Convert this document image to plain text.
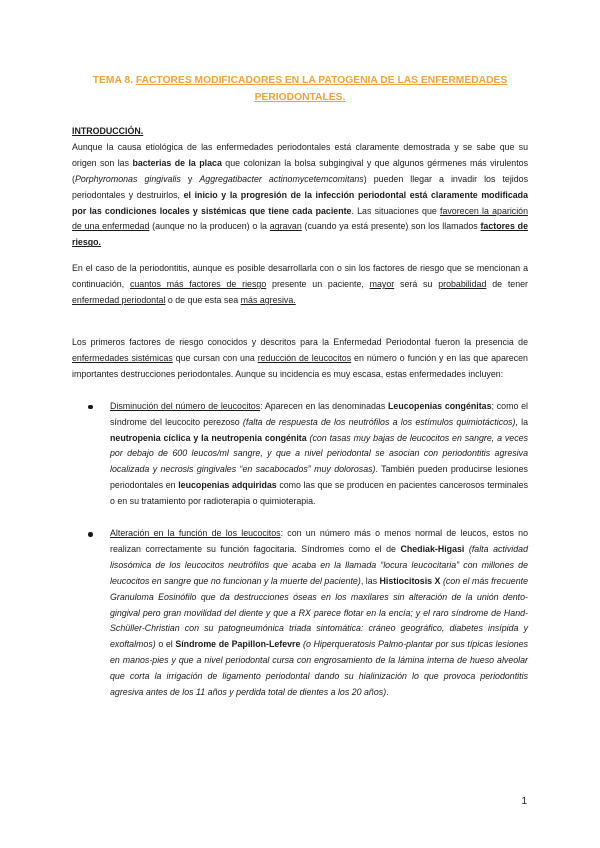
TEMA 8. FACTORES MODIFICADORES EN LA PATOGENIA DE LAS ENFERMEDADES PERIODONTALES.

INTRODUCCIÓN.

Aunque la causa etiológica de las enfermedades periodontales está claramente demostrada y se sabe que su origen son las bacterias de la placa que colonizan la bolsa subgingival y que algunos gérmenes más virulentos (Porphyromonas gingivalis y Aggregatibacter actinomycetemcomitans) pueden llegar a invadir los tejidos periodontales y destruirlos, el inicio y la progresión de la infección periodontal está claramente modificada por las condiciones locales y sistémicas que tiene cada paciente. Las situaciones que favorecen la aparición de una enfermedad (aunque no la producen) o la agravan (cuando ya está presente) son los llamados factores de riesgo.

En el caso de la periodontitis, aunque es posible desarrollarla con o sin los factores de riesgo que se mencionan a continuación, cuantos más factores de riesgo presente un paciente, mayor será su probabilidad de tener enfermedad periodontal o de que esta sea más agresiva.

Los primeros factores de riesgo conocidos y descritos para la Enfermedad Periodontal fueron la presencia de enfermedades sistémicas que cursan con una reducción de leucocitos en número o función y en las que aparecen importantes destrucciones periodontales. Aunque su incidencia es muy escasa, estas enfermedades incluyen:

Disminución del número de leucocitos: Aparecen en las denominadas Leucopenias congénitas; como el síndrome del leucocito perezoso (falta de respuesta de los neutrófilos a los estímulos quimiotácticos), la neutropenia cíclica y la neutropenia congénita (con tasas muy bajas de leucocitos en sangre, a veces por debajo de 600 leucos/ml sangre, y que a nivel periodontal se asocian con periodontitis agresiva localizada y necrosis gingivales “en sacabocados” muy dolorosas). También pueden producirse lesiones periodontales en leucopenias adquiridas como las que se producen en pacientes cancerosos terminales o en su tratamiento por radioterapia o quimioterapia.
Alteración en la función de los leucocitos: con un número más o menos normal de leucos, estos no realizan correctamente su función fagocitaria. Síndromes como el de Chediak-Higasi (falta actividad lisosómica de los leucocitos neutrófilos que acaba en la llamada “locura leucocitaria” con millones de leucocitos en sangre que no funcionan y la muerte del paciente), las Histiocitosis X (con el más frecuente Granuloma Eosinófilo que da destrucciones óseas en los maxilares sin alteración de la unión dento-gingival pero gran movilidad del diente y que a RX parece flotar en la encía; y el raro síndrome de Hand- Schüller-Christian con su patogneumónica triada sintomática: cráneo geográfico, diabetes insípida y exoftalmos) o el Síndrome de Papillon-Lefevre (o Hiperqueratosis Palmo-plantar por sus típicas lesiones en manos-pies y que a nivel periodontal cursa con engrosamiento de la lámina interna de hueso alveolar que corta la irrigación de ligamento periodontal dando su hialinización lo que provoca periodontitis agresiva antes de los 11 años y perdida total de dientes a los 20 años).
1
